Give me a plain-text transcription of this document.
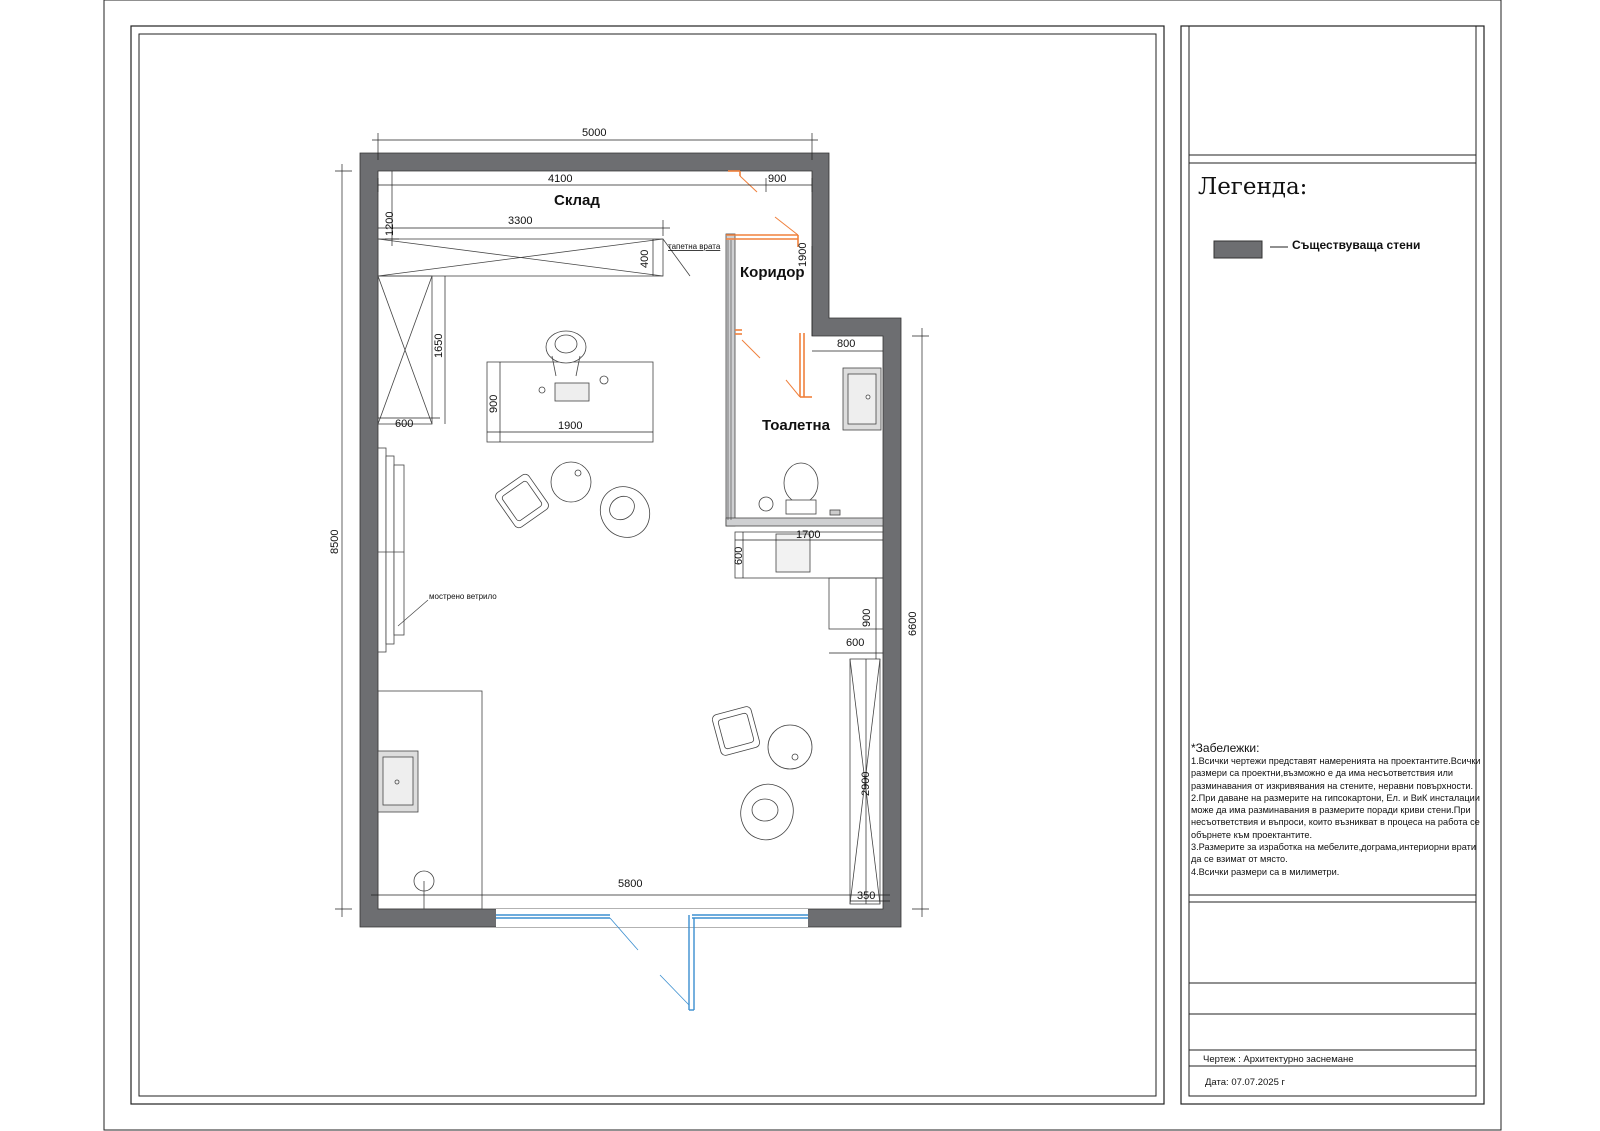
Склад
Коридор
Тоалетна
5000
4100	900
3300
1200
400	1900
1650
600
900
1900
800
1700
600
900
600
8500
6600
2900
5800
350
тапетна врата
мострено ветрило
Легенда:
Съществуваща стени
*Забележки:
1.Всички чертежи представят намеренията на проектантите.Всички размери са проектни,възможно е да има несъответствия или разминавания от изкривявания на стените, неравни повърхности.
2.При даване на размерите на гипсокартони, Ел. и ВиК инсталации може да има разминавания в размерите поради криви стени.При несъответствия и въпроси, които възникват в процеса на работа се обърнете към проектантите.
3.Размерите за изработка на мебелите,дограма,интериорни врати да се взимат от място.
4.Всички размери са в милиметри.
Чертеж : Архитектурно заснемане
Дата: 07.07.2025 г
